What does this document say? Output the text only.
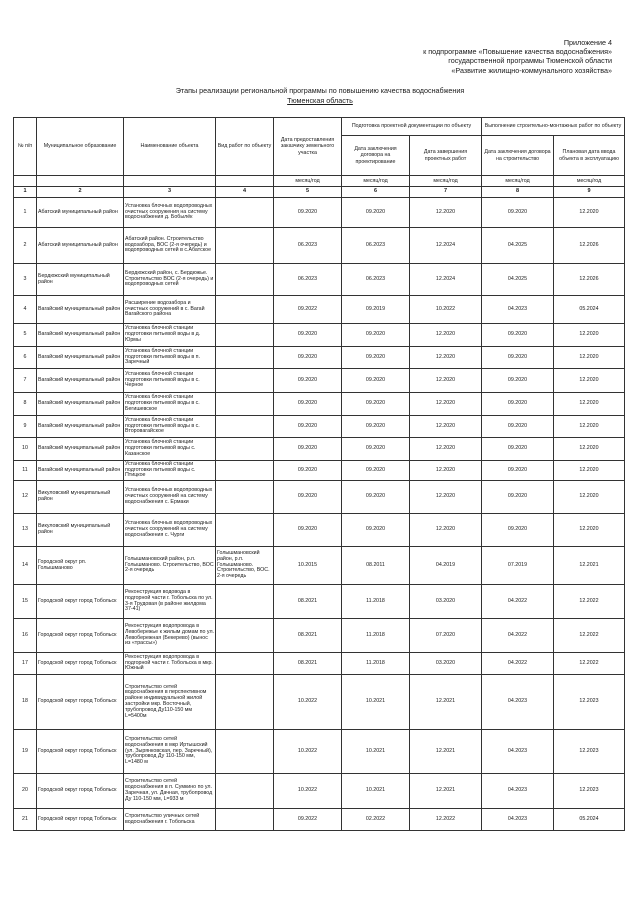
Приложение 4
к подпрограмме «Повышение качества водоснабжения»
государственной программы Тюменской области
«Развитие жилищно-коммунального хозяйства»
Этапы реализации региональной программы по повышению качества водоснабжения
Тюменская область
№ п/п	Муниципальное образование	Наименование объекта	Вид работ по объекту	Дата предоставления заказчику земельного участка	Подготовка проектной документации по объекту		Выполнение строительно-монтажных работ по объекту	
					Дата заключения договора на проектирование	Дата завершения проектных работ	Дата заключения договора на строительство	Плановая дата ввода объекта в эксплуатацию
				месяц/год	месяц/год	месяц/год	месяц/год	месяц/год
1	2	3	4	5	6	7	8	9
1	Абатский муниципальный район	Установка блочных водопроводных очистных сооружения на систему водоснабжения д. Бобылёк		09.2020	09.2020	12.2020	09.2020	12.2020
2	Абатский муниципальный район	Абатский район. Строительство водозабора, ВОС (2-я очередь) и водопроводных сетей в с.Абатское		06.2023	06.2023	12.2024	04.2025	12.2026
3	Бердюжский муниципальный район	Бердюжский район, с. Бердюжье. Строительство ВОС (2-я очередь) и водопроводных сетей		06.2023	06.2023	12.2024	04.2025	12.2026
4	Вагайский муниципальный район	Расширение водозабора и очистных сооружений в с. Вагай Вагайского района		09.2022	09.2019	10.2022	04.2023	05.2024
5	Вагайский муниципальный район	Установка блочной станции подготовки питьевой воды в д. Юрмы		09.2020	09.2020	12.2020	09.2020	12.2020
6	Вагайский муниципальный район	Установка блочной станции подготовки питьевой воды в п. Заречный		09.2020	09.2020	12.2020	09.2020	12.2020
7	Вагайский муниципальный район	Установка блочной станции подготовки питьевой воды в с. Черное		09.2020	09.2020	12.2020	09.2020	12.2020
8	Вагайский муниципальный район	Установка блочной станции подготовки питьевой воды в с. Бегишевское		09.2020	09.2020	12.2020	09.2020	12.2020
9	Вагайский муниципальный район	Установка блочной станции подготовки питьевой воды в с. Второвагайское		09.2020	09.2020	12.2020	09.2020	12.2020
10	Вагайский муниципальный район	Установка блочной станции подготовки питьевой воды с. Казанское		09.2020	09.2020	12.2020	09.2020	12.2020
11	Вагайский муниципальный район	Установка блочной станции подготовки питьевой воды с. Птицкое		09.2020	09.2020	12.2020	09.2020	12.2020
12	Викуловский муниципальный район	Установка блочных водопроводных очистных сооружений на систему водоснабжения с. Ермаки		09.2020	09.2020	12.2020	09.2020	12.2020
13	Викуловский муниципальный район	Установка блочных водопроводных очистных сооружений на систему водоснабжения с. Чурги		09.2020	09.2020	12.2020	09.2020	12.2020
14	Городской округ рп. Голышманово	Голышмановский район, р.п. Голышманово. Строительство, ВОС 2-я очередь	Голышмановский район, р.п. Голышманово. Строительство, ВОС. 2-я очередь	10.2015	08.2011	04.2019	07.2019	12.2021
15	Городской округ город Тобольск	Реконструкция водовода в подгорной части г. Тобольска по ул. 3-я Трудовая (в районе жилдома 37-41)		08.2021	11.2018	03.2020	04.2022	12.2022
16	Городской округ город Тобольск	Реконструкция водопровода в Левобережье к жилым домам по ул. Левобережная (Бекерево) (вынос из «трассы»)		08.2021	11.2018	07.2020	04.2022	12.2022
17	Городской округ город Тобольск	Реконструкция водопровода в подгорной части г. Тобольска в мкр. Южный		08.2021	11.2018	03.2020	04.2022	12.2022
18	Городской округ город Тобольск	Строительство сетей водоснабжения в перспективном районе индивидуальной жилой застройки мкр. Восточный, трубопровод Ду110-150 мм L=5400м		10.2022	10.2021	12.2021	04.2023	12.2023
19	Городской округ город Тобольск	Строительство сетей водоснабжения в мкр Иртышский (ул. Зырянковская, пер. Заречный), трубопровод Ду 110-150 мм, L=1480 м		10.2022	10.2021	12.2021	04.2023	12.2023
20	Городской округ город Тобольск	Строительство сетей водоснабжения в п. Сумкино по ул. Заречная, ул. Дачная, трубопровод Ду 110-150 мм, L=933 м		10.2022	10.2021	12.2021	04.2023	12.2023
21	Городской округ город Тобольск	Строительство уличных сетей водоснабжения г. Тобольска		09.2022	02.2022	12.2022	04.2023	05.2024
